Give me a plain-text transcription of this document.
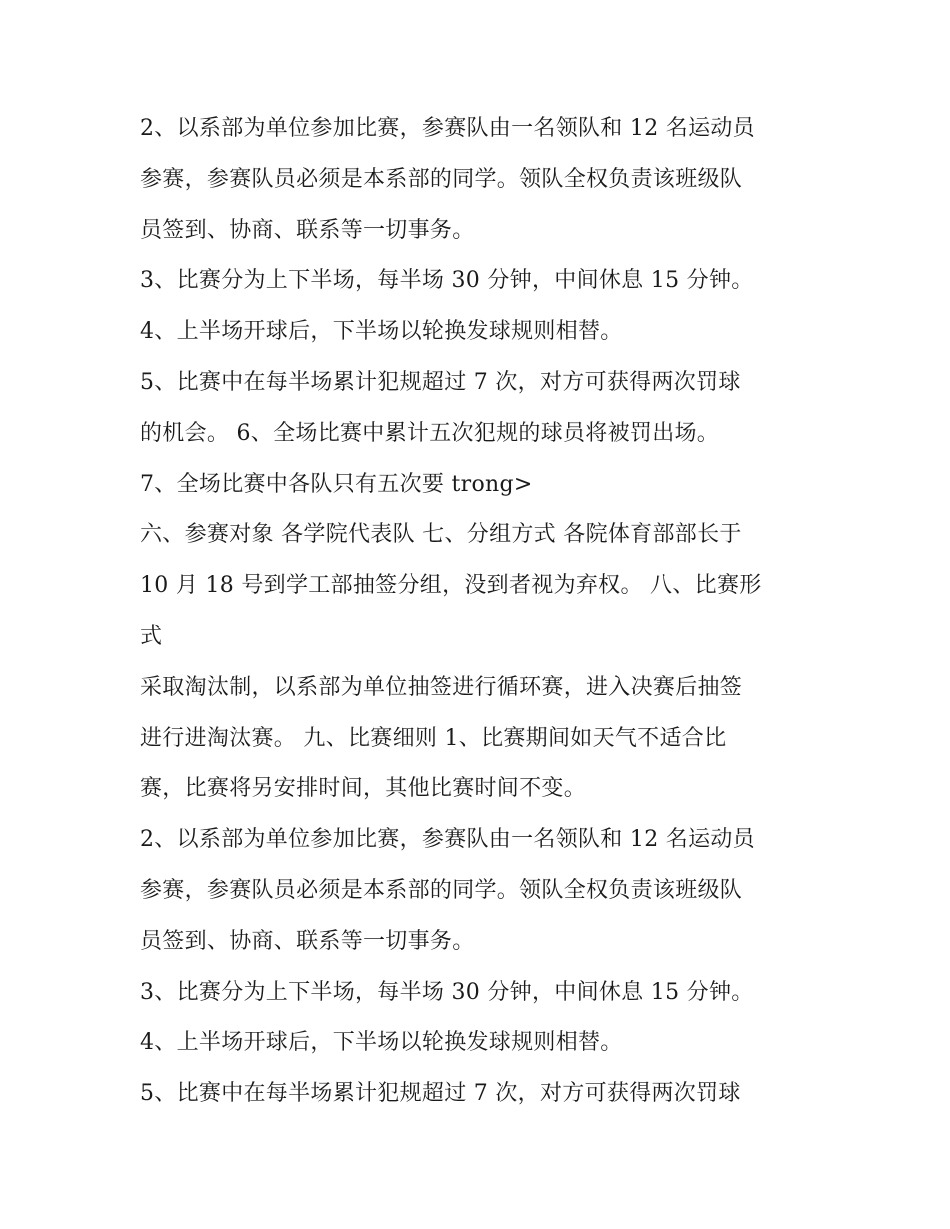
2、以系部为单位参加比赛，参赛队由一名领队和 12 名运动员
参赛，参赛队员必须是本系部的同学。领队全权负责该班级队
员签到、协商、联系等一切事务。
3、比赛分为上下半场，每半场 30 分钟，中间休息 15 分钟。
4、上半场开球后，下半场以轮换发球规则相替。
5、比赛中在每半场累计犯规超过 7 次，对方可获得两次罚球
的机会。 6、全场比赛中累计五次犯规的球员将被罚出场。
7、全场比赛中各队只有五次要 trong>
六、参赛对象 各学院代表队 七、分组方式 各院体育部部长于
10 月 18 号到学工部抽签分组，没到者视为弃权。 八、比赛形
式
采取淘汰制，以系部为单位抽签进行循环赛，进入决赛后抽签
进行进淘汰赛。 九、比赛细则 1、比赛期间如天气不适合比
赛，比赛将另安排时间，其他比赛时间不变。
2、以系部为单位参加比赛，参赛队由一名领队和 12 名运动员
参赛，参赛队员必须是本系部的同学。领队全权负责该班级队
员签到、协商、联系等一切事务。
3、比赛分为上下半场，每半场 30 分钟，中间休息 15 分钟。
4、上半场开球后，下半场以轮换发球规则相替。
5、比赛中在每半场累计犯规超过 7 次，对方可获得两次罚球
